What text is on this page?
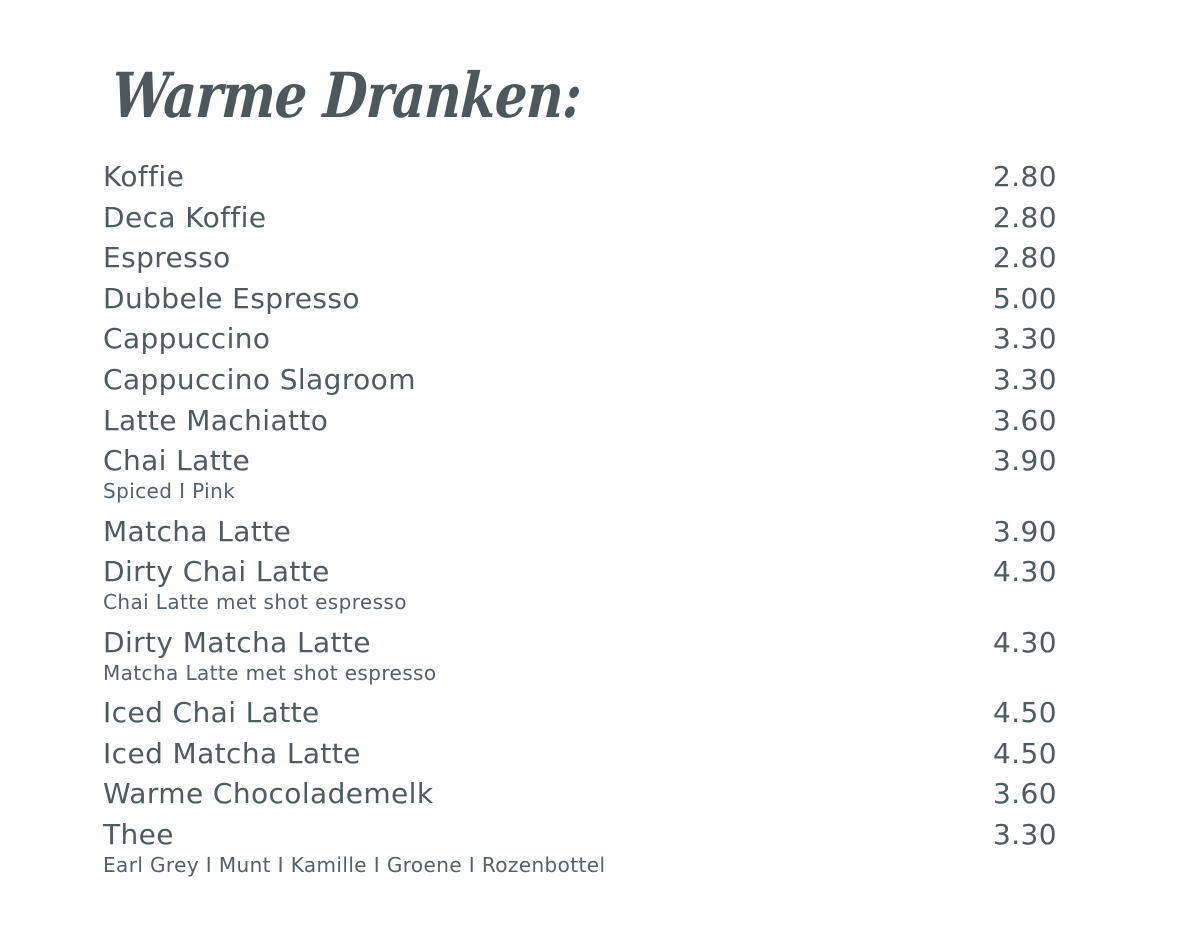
Warme Dranken:
Koffie	2.80
Deca Koffie	2.80
Espresso	2.80
Dubbele Espresso	5.00
Cappuccino	3.30
Cappuccino Slagroom	3.30
Latte Machiatto	3.60
Chai Latte	3.90
Spiced I Pink
Matcha Latte	3.90
Dirty Chai Latte	4.30
Chai Latte met shot espresso
Dirty Matcha Latte	4.30
Matcha Latte met shot espresso
Iced Chai Latte	4.50
Iced Matcha Latte	4.50
Warme Chocolademelk	3.60
Thee	3.30
Earl Grey I Munt I Kamille I Groene I Rozenbottel
